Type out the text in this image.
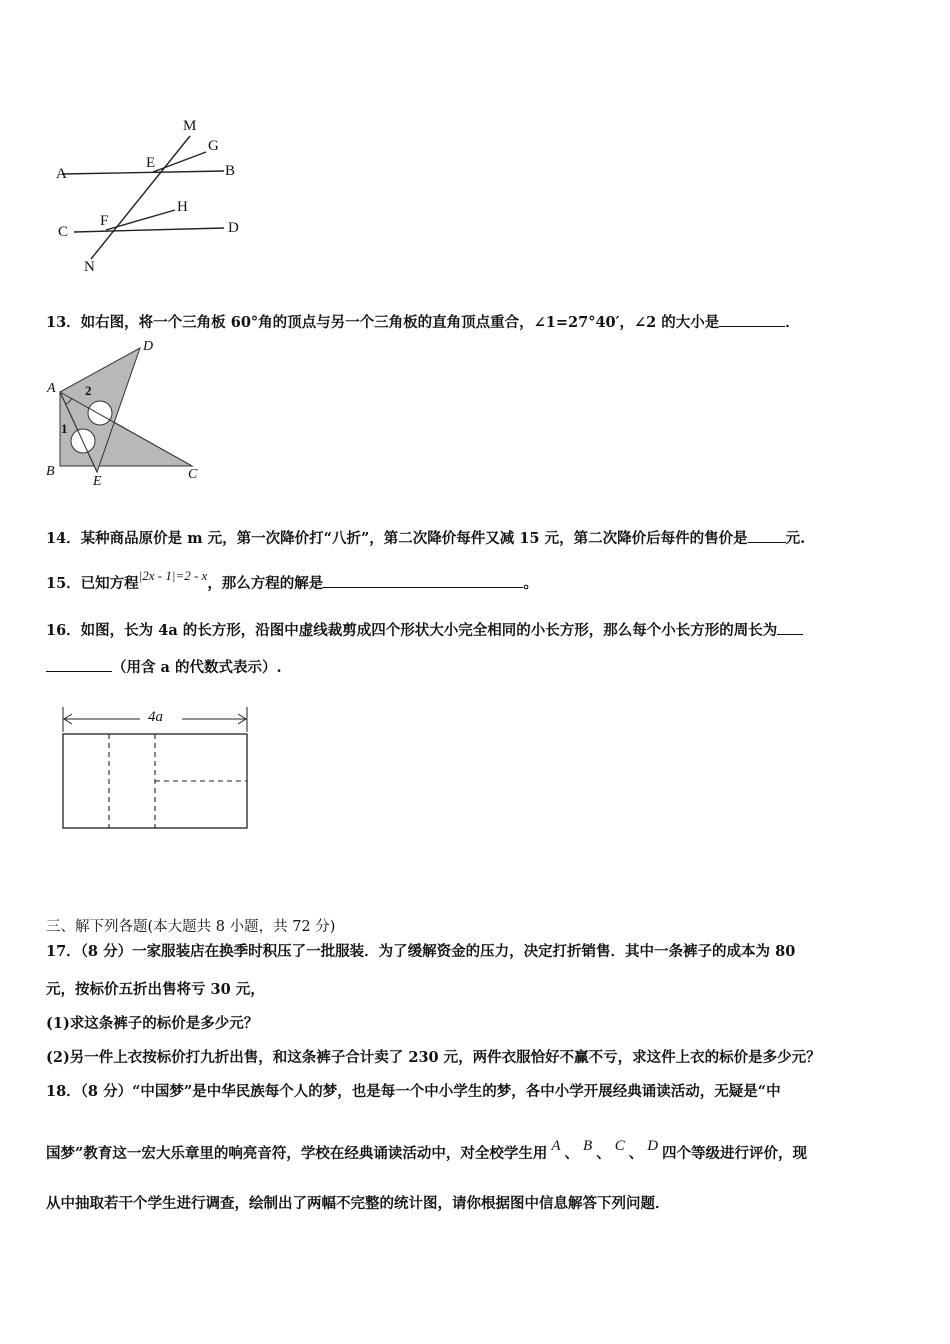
M
G
E	B
A
H
F
C	D
N
13．如右图，将一个三角板 60°角的顶点与另一个三角板的直角顶点重合，∠1=27°40′，∠2 的大小是	．
A
D
2
1
B
E	C
14．某种商品原价是 m 元，第一次降价打“八折”，第二次降价每件又减 15 元，第二次降价后每件的售价是	元.
15．已知方程|2x - 1|=2 - x，那么方程的解是	。
16．如图，长为 4a 的长方形，沿图中虚线裁剪成四个形状大小完全相同的小长方形，那么每个小长方形的周长为
（用含 a 的代数式表示）.
4a
三、解下列各题(本大题共 8 小题，共 72 分)
17．（8 分）一家服装店在换季时积压了一批服装．为了缓解资金的压力，决定打折销售．其中一条裤子的成本为 80
元，按标价五折出售将亏 30 元，
(1)求这条裤子的标价是多少元？
(2)另一件上衣按标价打九折出售，和这条裤子合计卖了 230 元，两件衣服恰好不赢不亏，求这件上衣的标价是多少元？
18．（8 分）“中国梦”是中华民族每个人的梦，也是每一个中小学生的梦，各中小学开展经典诵读活动，无疑是“中
国梦”教育这一宏大乐章里的响亮音符，学校在经典诵读活动中，对全校学生用 A 、 B 、 C 、 D 四个等级进行评价，现
从中抽取若干个学生进行调查，绘制出了两幅不完整的统计图，请你根据图中信息解答下列问题．
